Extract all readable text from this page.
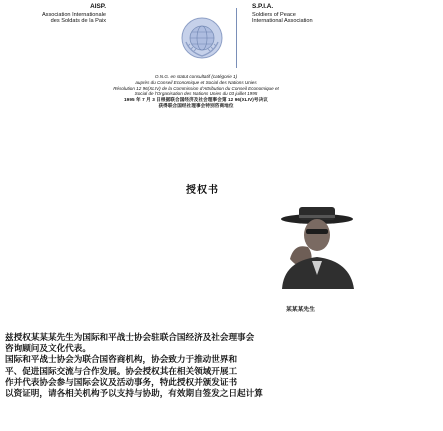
AISP.
Association Internationale
des Soldats de la Paix
S.P.I.A.
Soldiers of Peace
International Association
O.N.G. en statut consultatif (catégorie 1)
auprès du Conseil Economique et Social des Nations Unies
Résolution 12 96(XLIV) de la Commission d'Attribution du Conseil Economique et
Social de l'Organisation des Nations Unies du 03 juillet 1995
1995 年 7 月 3 日根据联合国经济及社会理事会第 12 96(XLIV)号决议
获得联合国经社理事会特别咨商地位
授权书
某某某先生

兹授权某某某先生为国际和平战士协会驻联合国经济及社会理事会

咨询顾问及文化代表。

国际和平战士协会为联合国咨商机构，协会致力于推动世界和

平、促进国际交流与合作发展。协会授权其在相关领域开展工

作并代表协会参与国际会议及活动事务，特此授权并颁发证书

以资证明，请各相关机构予以支持与协助，有效期自签发之日起计算
